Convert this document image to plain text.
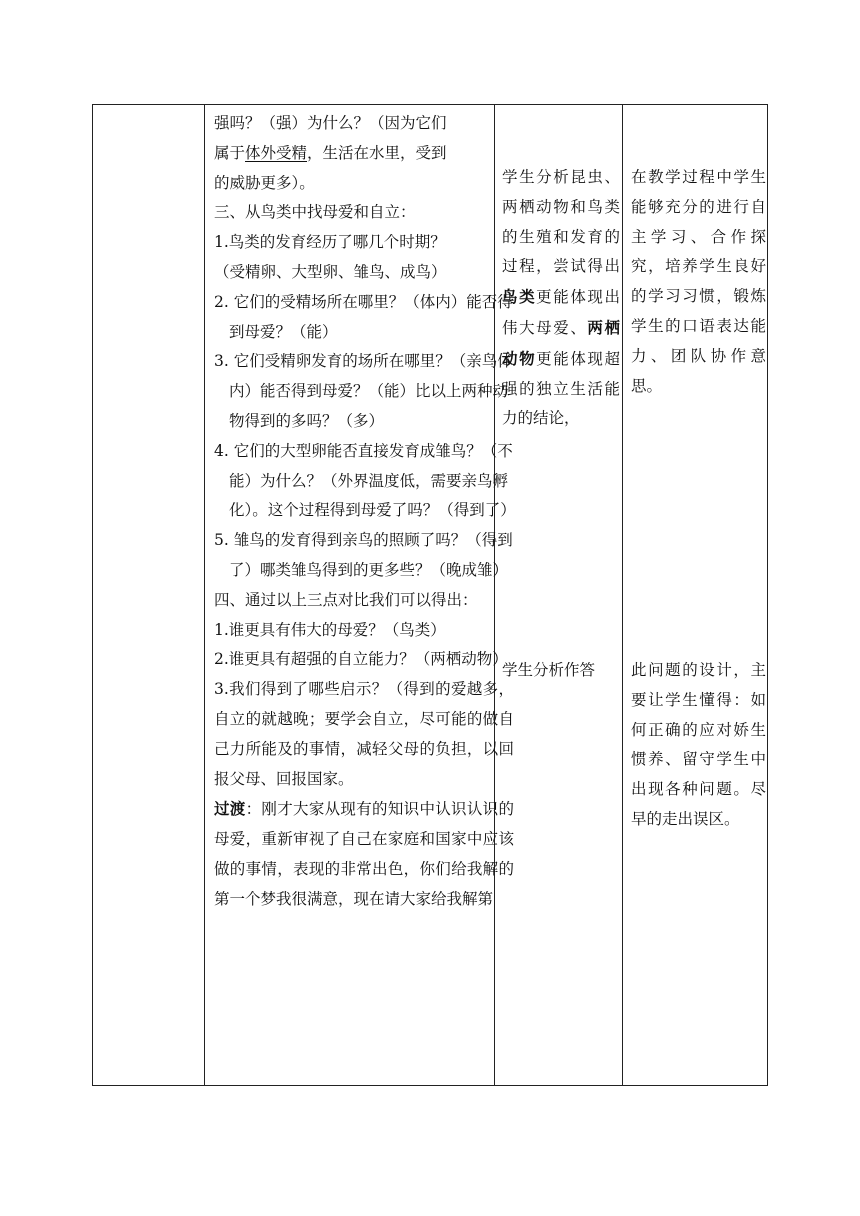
强吗？（强）为什么？（因为它们

属于体外受精，生活在水里，受到

的威胁更多）。

三、从鸟类中找母爱和自立：

1.鸟类的发育经历了哪几个时期？

（受精卵、大型卵、雏鸟、成鸟）

2. 它们的受精场所在哪里？（体内）能否得到母爱？（能）

3. 它们受精卵发育的场所在哪里？（亲鸟体内）能否得到母爱？（能）比以上两种动物得到的多吗？（多）

4. 它们的大型卵能否直接发育成雏鸟？（不能）为什么？（外界温度低，需要亲鸟孵化）。这个过程得到母爱了吗？（得到了）

5. 雏鸟的发育得到亲鸟的照顾了吗？（得到了）哪类雏鸟得到的更多些？（晚成雏）

四、通过以上三点对比我们可以得出：

1.谁更具有伟大的母爱？（鸟类）

2.谁更具有超强的自立能力？（两栖动物）

3.我们得到了哪些启示？（得到的爱越多，自立的就越晚；要学会自立，尽可能的做自己力所能及的事情，减轻父母的负担，以回报父母、回报国家。

过渡：刚才大家从现有的知识中认识认识的母爱，重新审视了自己在家庭和国家中应该做的事情，表现的非常出色，你们给我解的第一个梦我很满意，现在请大家给我解第

学生分析昆虫、两栖动物和鸟类的生殖和发育的过程，尝试得出鸟类更能体现出伟大母爱、两栖动物更能体现超强的独立生活能力的结论，

在教学过程中学生能够充分的进行自主学习、合作探究，培养学生良好的学习习惯，锻炼学生的口语表达能力、团队协作意思。

学生分析作答	此问题的设计，主要让学生懂得：如何正确的应对娇生惯养、留守学生中出现各种问题。尽早的走出误区。
